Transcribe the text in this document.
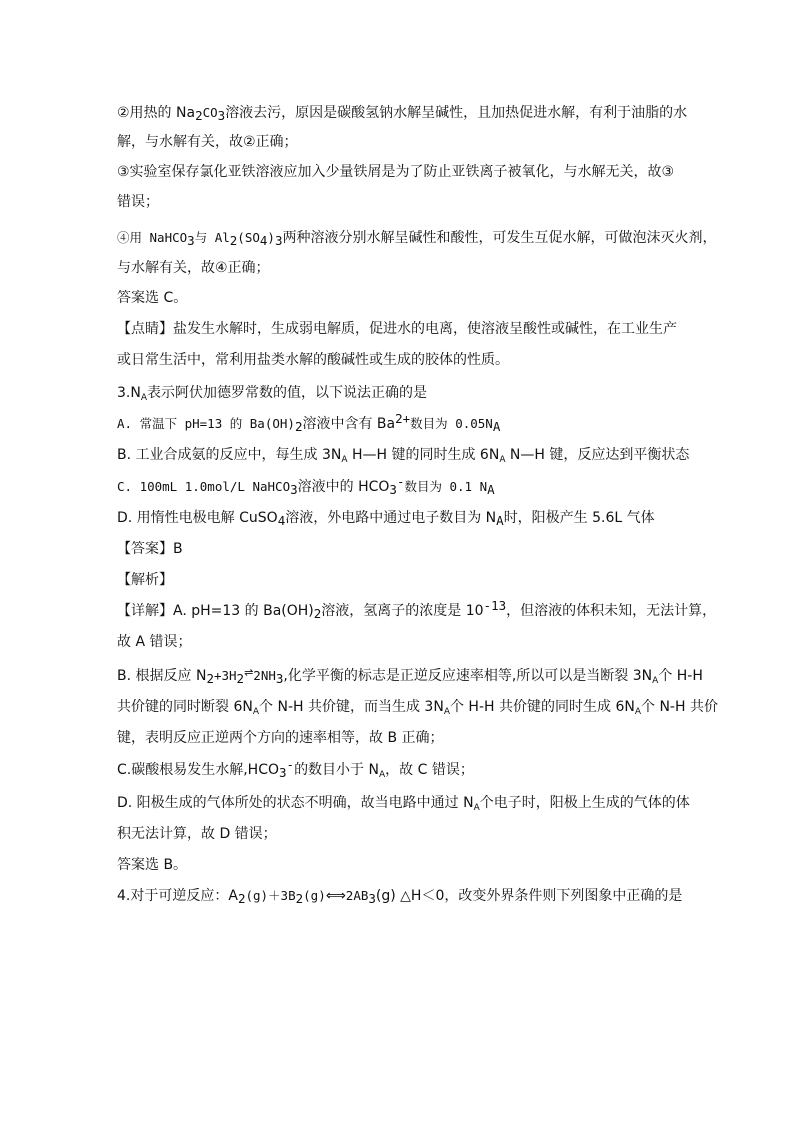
②用热的 $Na_2CO_3$溶液去污，原因是碳酸氢钠水解呈碱性，且加热促进水解，有利于油脂的水
解，与水解有关，故②正确；
③实验室保存氯化亚铁溶液应加入少量铁屑是为了防止亚铁离子被氧化，与水解无关，故③
错误；
④用 NaHCO$_3$与 $Al_2(SO_4)_3$两种溶液分别水解呈碱性和酸性，可发生互促水解，可做泡沫灭火剂，
与水解有关，故④正确；
答案选 C。
【点睛】盐发生水解时，生成弱电解质，促进水的电离，使溶液呈酸性或碱性，在工业生产
或日常生活中，常利用盐类水解的酸碱性或生成的胶体的性质。
$3.N_A$表示阿伏加德罗常数的值，以下说法正确的是
A. 常温下 pH=13 的 $Ba(OH)_2$溶液中含有 $Ba^{2+}$数目为 $0.05N_A$
B. 工业合成氨的反应中，每生成 $3N_A$ H—H 键的同时生成 $6N_A$ N—H 键，反应达到平衡状态
C. 100mL 1.0mol/L NaHCO$_3$溶液中的 $HCO_3^-$数目为 0.1 $N_A$
D. 用惰性电极电解 CuSO$_4$溶液，外电路中通过电子数目为 $N_A$时，阳极产生 5.6L 气体
【答案】B
【解析】
【详解】A. pH=13 的 $Ba(OH)_2$溶液，氢离子的浓度是 $10^{-13}$，但溶液的体积未知，无法计算，
故 A 错误；
B. 根据反应 $N_2+3H_2\rightleftharpoons 2NH_3$,化学平衡的标志是正逆反应速率相等,所以可以是当断裂 $3N_A$个 H-H
共价键的同时断裂 $6N_A$个 N-H 共价键，而当生成 $3N_A$个 H-H 共价键的同时生成 $6N_A$个 N-H 共价
键，表明反应正逆两个方向的速率相等，故 B 正确；
C.碳酸根易发生水解$,HCO_3^-$的数目小于 $N_A$，故 C 错误；
D. 阳极生成的气体所处的状态不明确，故当电路中通过 $N_A$个电子时，阳极上生成的气体的体
积无法计算，故 D 错误；
答案选 B。
4.对于可逆反应：$A_2(g)+3B_2(g)⟺2AB_3(g)$ △H＜0，改变外界条件则下列图象中正确的是
